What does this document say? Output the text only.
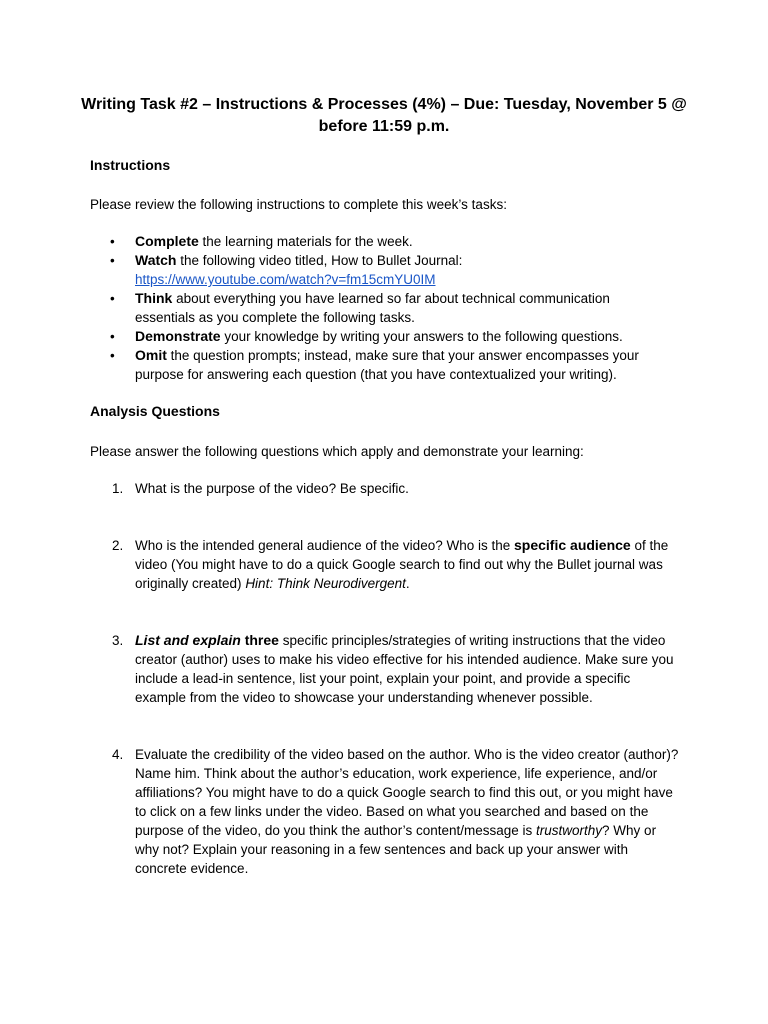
Writing Task #2 – Instructions & Processes (4%) – Due: Tuesday, November 5 @ before 11:59 p.m.
Instructions

Please review the following instructions to complete this week’s tasks:

• Complete the learning materials for the week.
• Watch the following video titled, How to Bullet Journal:
https://www.youtube.com/watch?v=fm15cmYU0IM
• Think about everything you have learned so far about technical communication essentials as you complete the following tasks.
• Demonstrate your knowledge by writing your answers to the following questions.
• Omit the question prompts; instead, make sure that your answer encompasses your purpose for answering each question (that you have contextualized your writing).
Analysis Questions

Please answer the following questions which apply and demonstrate your learning:

1. What is the purpose of the video? Be specific.
2. Who is the intended general audience of the video? Who is the specific audience of the video (You might have to do a quick Google search to find out why the Bullet journal was originally created) Hint: Think Neurodivergent.
3. List and explain three specific principles/strategies of writing instructions that the video creator (author) uses to make his video effective for his intended audience. Make sure you include a lead-in sentence, list your point, explain your point, and provide a specific example from the video to showcase your understanding whenever possible.
4. Evaluate the credibility of the video based on the author. Who is the video creator (author)? Name him. Think about the author’s education, work experience, life experience, and/or affiliations? You might have to do a quick Google search to find this out, or you might have to click on a few links under the video. Based on what you searched and based on the purpose of the video, do you think the author’s content/message is trustworthy? Why or why not? Explain your reasoning in a few sentences and back up your answer with concrete evidence.
